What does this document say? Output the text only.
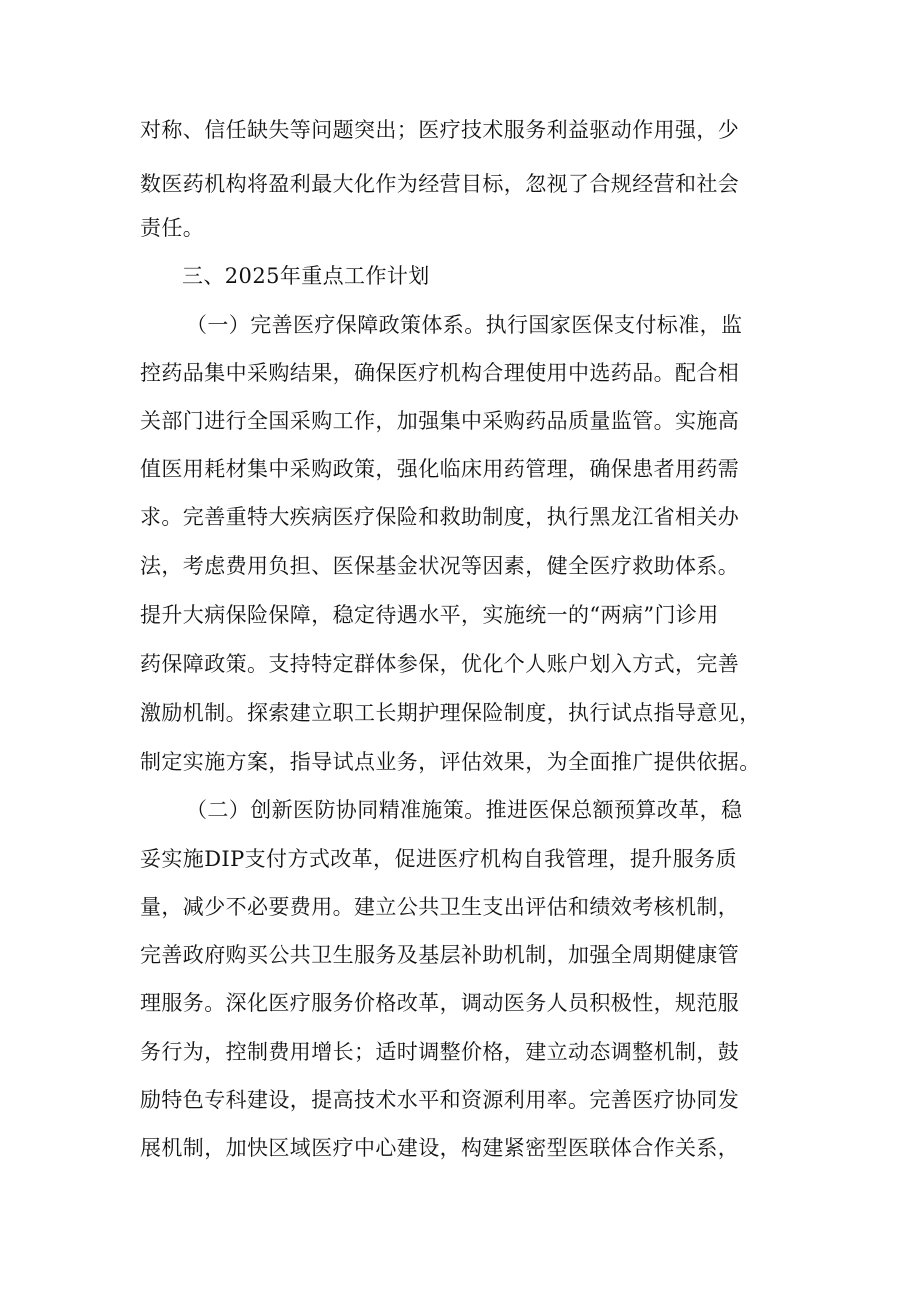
对称、信任缺失等问题突出；医疗技术服务利益驱动作用强，少
数医药机构将盈利最大化作为经营目标，忽视了合规经营和社会
责任。
三、2025年重点工作计划
（一）完善医疗保障政策体系。执行国家医保支付标准，监
控药品集中采购结果，确保医疗机构合理使用中选药品。配合相
关部门进行全国采购工作，加强集中采购药品质量监管。实施高
值医用耗材集中采购政策，强化临床用药管理，确保患者用药需
求。完善重特大疾病医疗保险和救助制度，执行黑龙江省相关办
法，考虑费用负担、医保基金状况等因素，健全医疗救助体系。
提升大病保险保障，稳定待遇水平，实施统一的“两病”门诊用
药保障政策。支持特定群体参保，优化个人账户划入方式，完善
激励机制。探索建立职工长期护理保险制度，执行试点指导意见，
制定实施方案，指导试点业务，评估效果，为全面推广提供依据。
（二）创新医防协同精准施策。推进医保总额预算改革，稳
妥实施DIP支付方式改革，促进医疗机构自我管理，提升服务质
量，减少不必要费用。建立公共卫生支出评估和绩效考核机制，
完善政府购买公共卫生服务及基层补助机制，加强全周期健康管
理服务。深化医疗服务价格改革，调动医务人员积极性，规范服
务行为，控制费用增长；适时调整价格，建立动态调整机制，鼓
励特色专科建设，提高技术水平和资源利用率。完善医疗协同发
展机制，加快区域医疗中心建设，构建紧密型医联体合作关系，
